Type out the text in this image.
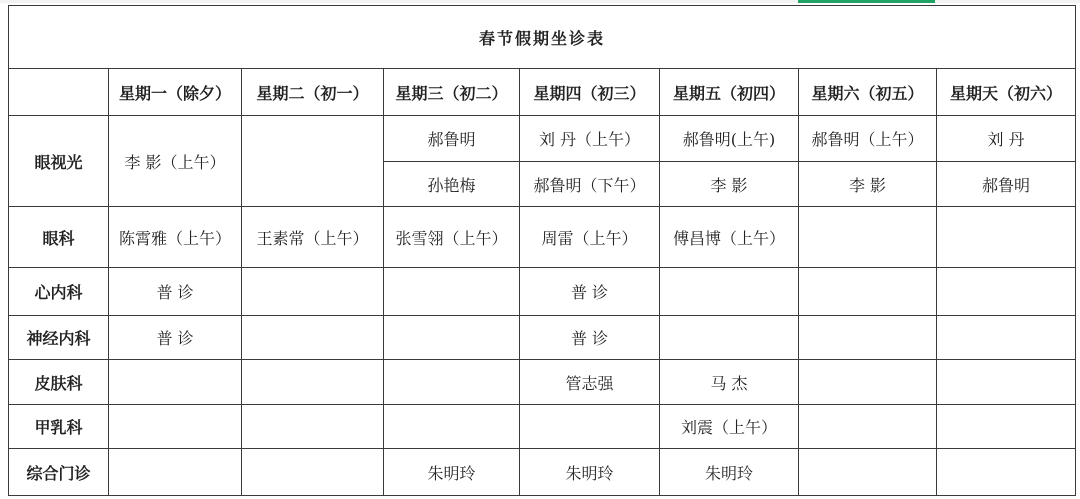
春节假期坐诊表							
	星期一（除夕）	星期二（初一）	星期三（初二）	星期四（初三）	星期五（初四）	星期六（初五）	星期天（初六）
眼视光	李 影（上午）		郝鲁明	刘 丹（上午）	郝鲁明(上午)	郝鲁明（上午）	刘 丹
			孙艳梅	郝鲁明（下午）	李 影	李 影	郝鲁明
眼科	陈霄雅（上午）	王素常（上午）	张雪翎（上午）	周雷（上午）	傅昌博（上午）		
心内科	普 诊			普 诊			
神经内科	普 诊			普 诊			
皮肤科				管志强	马 杰		
甲乳科					刘震（上午）		
综合门诊			朱明玲	朱明玲	朱明玲		
